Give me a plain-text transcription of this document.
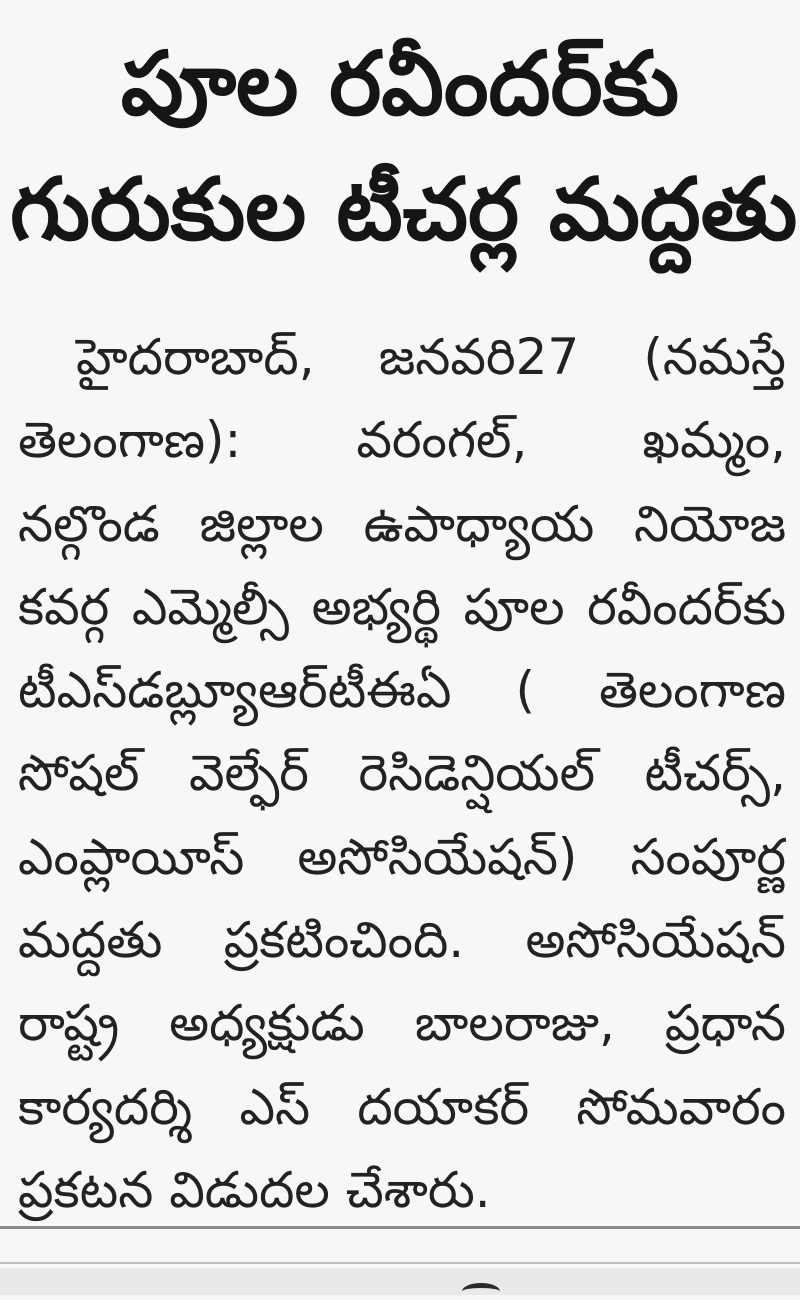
పూల రవీందర్‌కు
గురుకుల టీచర్ల మద్దతు
హైదరాబాద్, జనవరి27 (నమస్తే
తెలంగాణ): వరంగల్, ఖమ్మం,
నల్గొండ జిల్లాల ఉపాధ్యాయ నియోజ
కవర్గ ఎమ్మెల్సీ అభ్యర్థి పూల రవీందర్‌కు
టీఎస్‌డబ్ల్యూఆర్‌టీఈఏ ( తెలంగాణ
సోషల్ వెల్ఫేర్ రెసిడెన్షియల్ టీచర్స్,
ఎంప్లాయీస్ అసోసియేషన్) సంపూర్ణ
మద్దతు ప్రకటించింది. అసోసియేషన్
రాష్ట్ర అధ్యక్షుడు బాలరాజు, ప్రధాన
కార్యదర్శి ఎస్ దయాకర్ సోమవారం
ప్రకటన విడుదల చేశారు.
